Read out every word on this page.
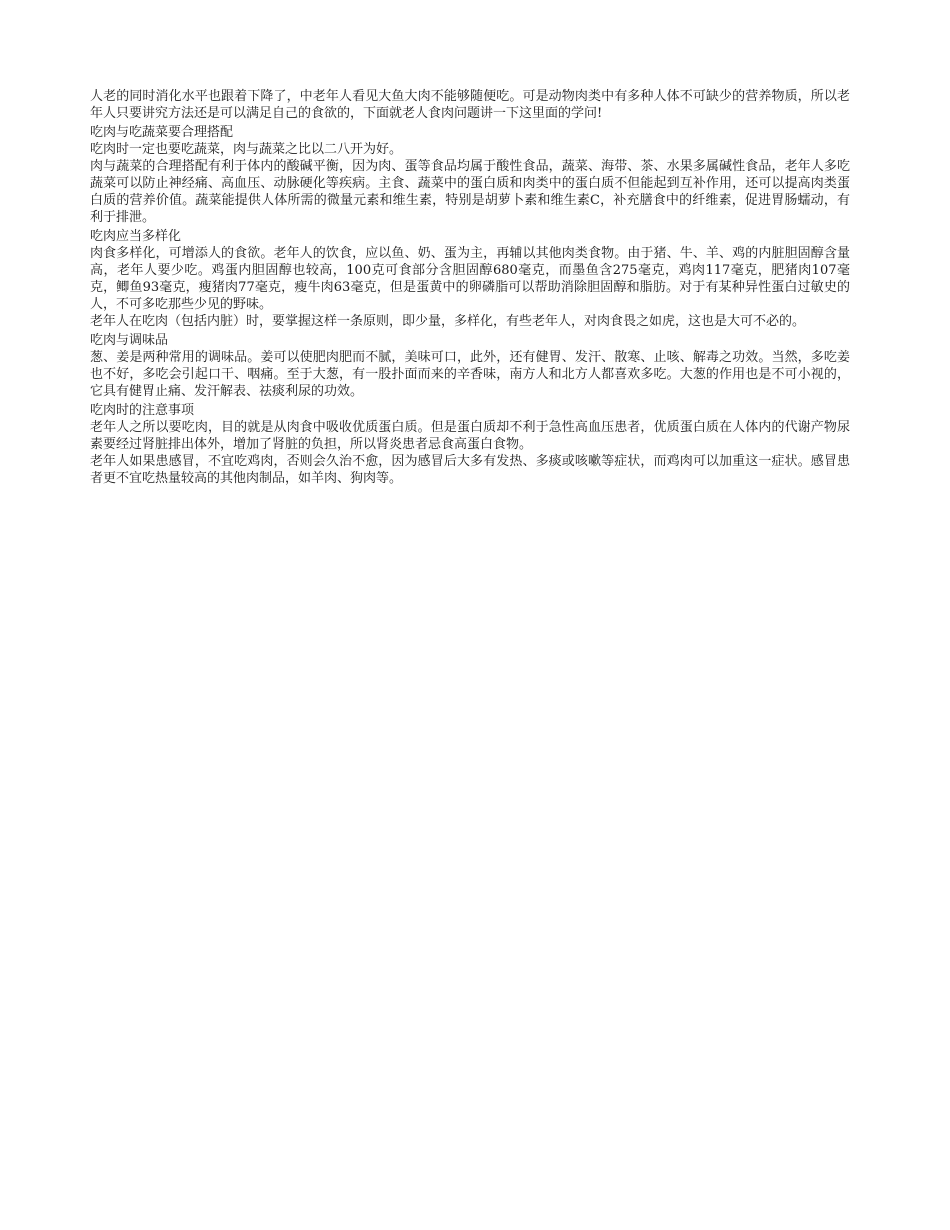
人老的同时消化水平也跟着下降了，中老年人看见大鱼大肉不能够随便吃。可是动物肉类中有多种人体不可缺少的营养物质，所以老年人只要讲究方法还是可以满足自己的食欲的，下面就老人食肉问题讲一下这里面的学问!

吃肉与吃蔬菜要合理搭配

吃肉时一定也要吃蔬菜，肉与蔬菜之比以二八开为好。

肉与蔬菜的合理搭配有利于体内的酸碱平衡，因为肉、蛋等食品均属于酸性食品，蔬菜、海带、茶、水果多属碱性食品，老年人多吃蔬菜可以防止神经痛、高血压、动脉硬化等疾病。主食、蔬菜中的蛋白质和肉类中的蛋白质不但能起到互补作用，还可以提高肉类蛋白质的营养价值。蔬菜能提供人体所需的微量元素和维生素，特别是胡萝卜素和维生素C，补充膳食中的纤维素，促进胃肠蠕动，有利于排泄。

吃肉应当多样化

肉食多样化，可增添人的食欲。老年人的饮食，应以鱼、奶、蛋为主，再辅以其他肉类食物。由于猪、牛、羊、鸡的内脏胆固醇含量高，老年人要少吃。鸡蛋内胆固醇也较高，100克可食部分含胆固醇680毫克，而墨鱼含275毫克，鸡肉117毫克，肥猪肉107毫克，鲫鱼93毫克，瘦猪肉77毫克，瘦牛肉63毫克，但是蛋黄中的卵磷脂可以帮助消除胆固醇和脂肪。对于有某种异性蛋白过敏史的人，不可多吃那些少见的野味。

老年人在吃肉（包括内脏）时，要掌握这样一条原则，即少量，多样化，有些老年人，对肉食畏之如虎，这也是大可不必的。

吃肉与调味品

葱、姜是两种常用的调味品。姜可以使肥肉肥而不腻，美味可口，此外，还有健胃、发汗、散寒、止咳、解毒之功效。当然，多吃姜也不好，多吃会引起口干、咽痛。至于大葱，有一股扑面而来的辛香味，南方人和北方人都喜欢多吃。大葱的作用也是不可小视的，它具有健胃止痛、发汗解表、祛痰利尿的功效。

吃肉时的注意事项

老年人之所以要吃肉，目的就是从肉食中吸收优质蛋白质。但是蛋白质却不利于急性高血压患者，优质蛋白质在人体内的代谢产物尿素要经过肾脏排出体外，增加了肾脏的负担，所以肾炎患者忌食高蛋白食物。

老年人如果患感冒，不宜吃鸡肉，否则会久治不愈，因为感冒后大多有发热、多痰或咳嗽等症状，而鸡肉可以加重这一症状。感冒患者更不宜吃热量较高的其他肉制品，如羊肉、狗肉等。
